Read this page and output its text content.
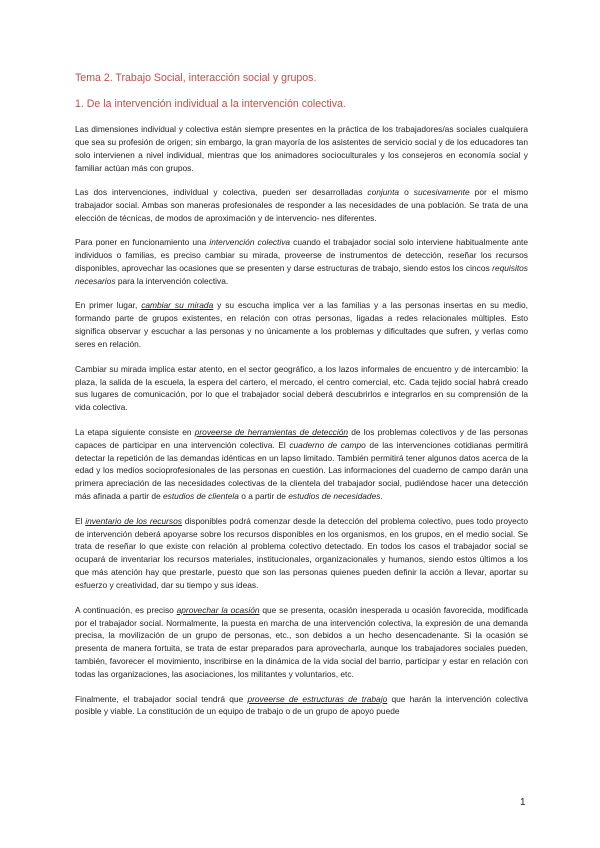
Tema 2. Trabajo Social, interacción social y grupos.
1. De la intervención individual a la intervención colectiva.

Las dimensiones individual y colectiva están siempre presentes en la práctica de los trabajadores/as sociales cualquiera que sea su profesión de origen; sin embargo, la gran mayoría de los asistentes de servicio social y de los educadores tan solo intervienen a nivel individual, mientras que los animadores socioculturales y los consejeros en economía social y familiar actúan más con grupos.

Las dos intervenciones, individual y colectiva, pueden ser desarrolladas conjunta o sucesivamente por el mismo trabajador social. Ambas son maneras profesionales de responder a las necesidades de una población. Se trata de una elección de técnicas, de modos de aproximación y de intervencio- nes diferentes.

Para poner en funcionamiento una intervención colectiva cuando el trabajador social solo interviene habitualmente ante individuos o familias, es preciso cambiar su mirada, proveerse de instrumentos de detección, reseñar los recursos disponibles, aprovechar las ocasiones que se presenten y darse estructuras de trabajo, siendo estos los cincos requisitos necesarios para la intervención colectiva.

En primer lugar, cambiar su mirada y su escucha implica ver a las familias y a las personas insertas en su medio, formando parte de grupos existentes, en relación con otras personas, ligadas a redes relacionales múltiples. Esto significa observar y escuchar a las personas y no únicamente a los problemas y dificultades que sufren, y verlas como seres en relación.

Cambiar su mirada implica estar atento, en el sector geográfico, a los lazos informales de encuentro y de intercambio: la plaza, la salida de la escuela, la espera del cartero, el mercado, el centro comercial, etc. Cada tejido social habrá creado sus lugares de comunicación, por lo que el trabajador social deberá descubrirlos e integrarlos en su comprensión de la vida colectiva.

La etapa siguiente consiste en proveerse de herramientas de detección de los problemas colectivos y de las personas capaces de participar en una intervención colectiva. El cuaderno de campo de las intervenciones cotidianas permitirá detectar la repetición de las demandas idénticas en un lapso limitado. También permitirá tener algunos datos acerca de la edad y los medios socioprofesionales de las personas en cuestión. Las informaciones del cuaderno de campo darán una primera apreciación de las necesidades colectivas de la clientela del trabajador social, pudiéndose hacer una detección más afinada a partir de estudios de clientela o a partir de estudios de necesidades.

El inventario de los recursos disponibles podrá comenzar desde la detección del problema colectivo, pues todo proyecto de intervención deberá apoyarse sobre los recursos disponibles en los organismos, en los grupos, en el medio social. Se trata de reseñar lo que existe con relación al problema colectivo detectado. En todos los casos el trabajador social se ocupará de inventariar los recursos materiales, institucionales, organizacionales y humanos, siendo estos últimos a los que más atención hay que prestarle, puesto que son las personas quienes pueden definir la acción a llevar, aportar su esfuerzo y creatividad, dar su tiempo y sus ideas.

A continuación, es preciso aprovechar la ocasión que se presenta, ocasión inesperada u ocasión favorecida, modificada por el trabajador social. Normalmente, la puesta en marcha de una intervención colectiva, la expresión de una demanda precisa, la movilización de un grupo de personas, etc., son debidos a un hecho desencadenante. Si la ocasión se presenta de manera fortuita, se trata de estar preparados para aprovecharla, aunque los trabajadores sociales pueden, también, favorecer el movimiento, inscribirse en la dinámica de la vida social del barrio, participar y estar en relación con todas las organizaciones, las asociaciones, los militantes y voluntarios, etc.

Finalmente, el trabajador social tendrá que proveerse de estructuras de trabajo que harán la intervención colectiva posible y viable. La constitución de un equipo de trabajo o de un grupo de apoyo puede

1
